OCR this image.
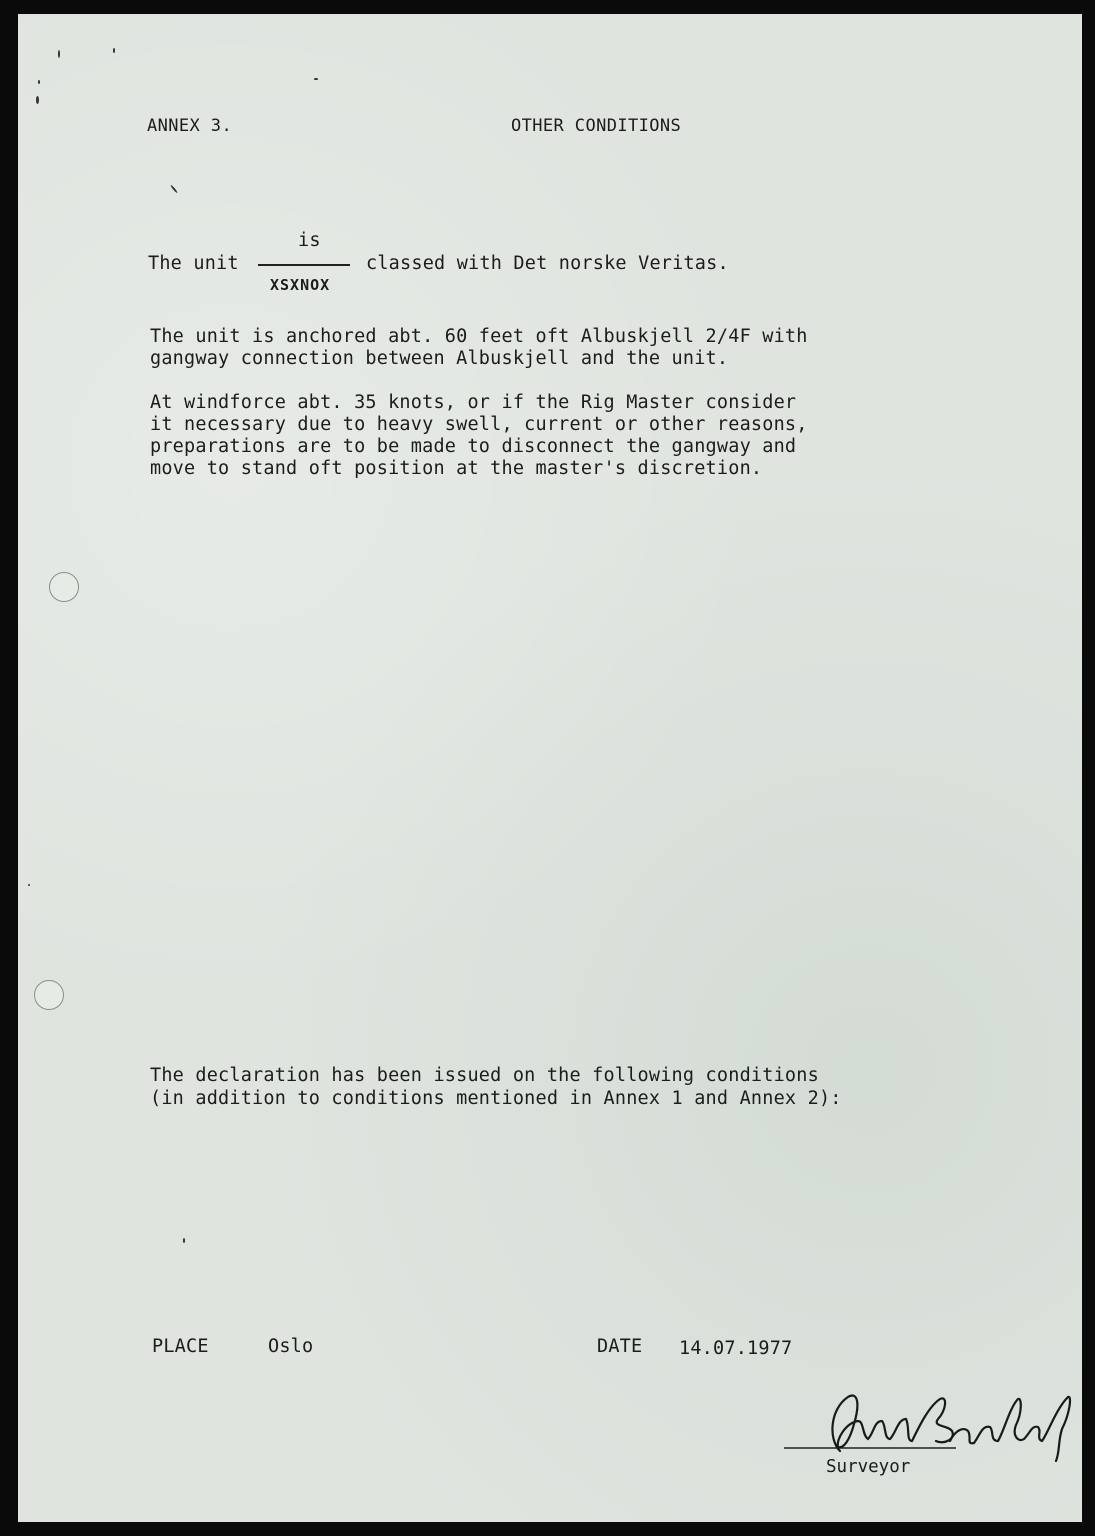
ANNEX 3.	OTHER CONDITIONS
The unit
is
XSXNOX
classed with Det norske Veritas.
The unit is anchored abt. 60 feet oft Albuskjell 2/4F with
gangway connection between Albuskjell and the unit.
At windforce abt. 35 knots, or if the Rig Master consider
it necessary due to heavy swell, current or other reasons,
preparations are to be made to disconnect the gangway and
move to stand oft position at the master's discretion.
The declaration has been issued on the following conditions
(in addition to conditions mentioned in Annex 1 and Annex 2):
PLACE	Oslo	DATE 14.07.1977
Surveyor
